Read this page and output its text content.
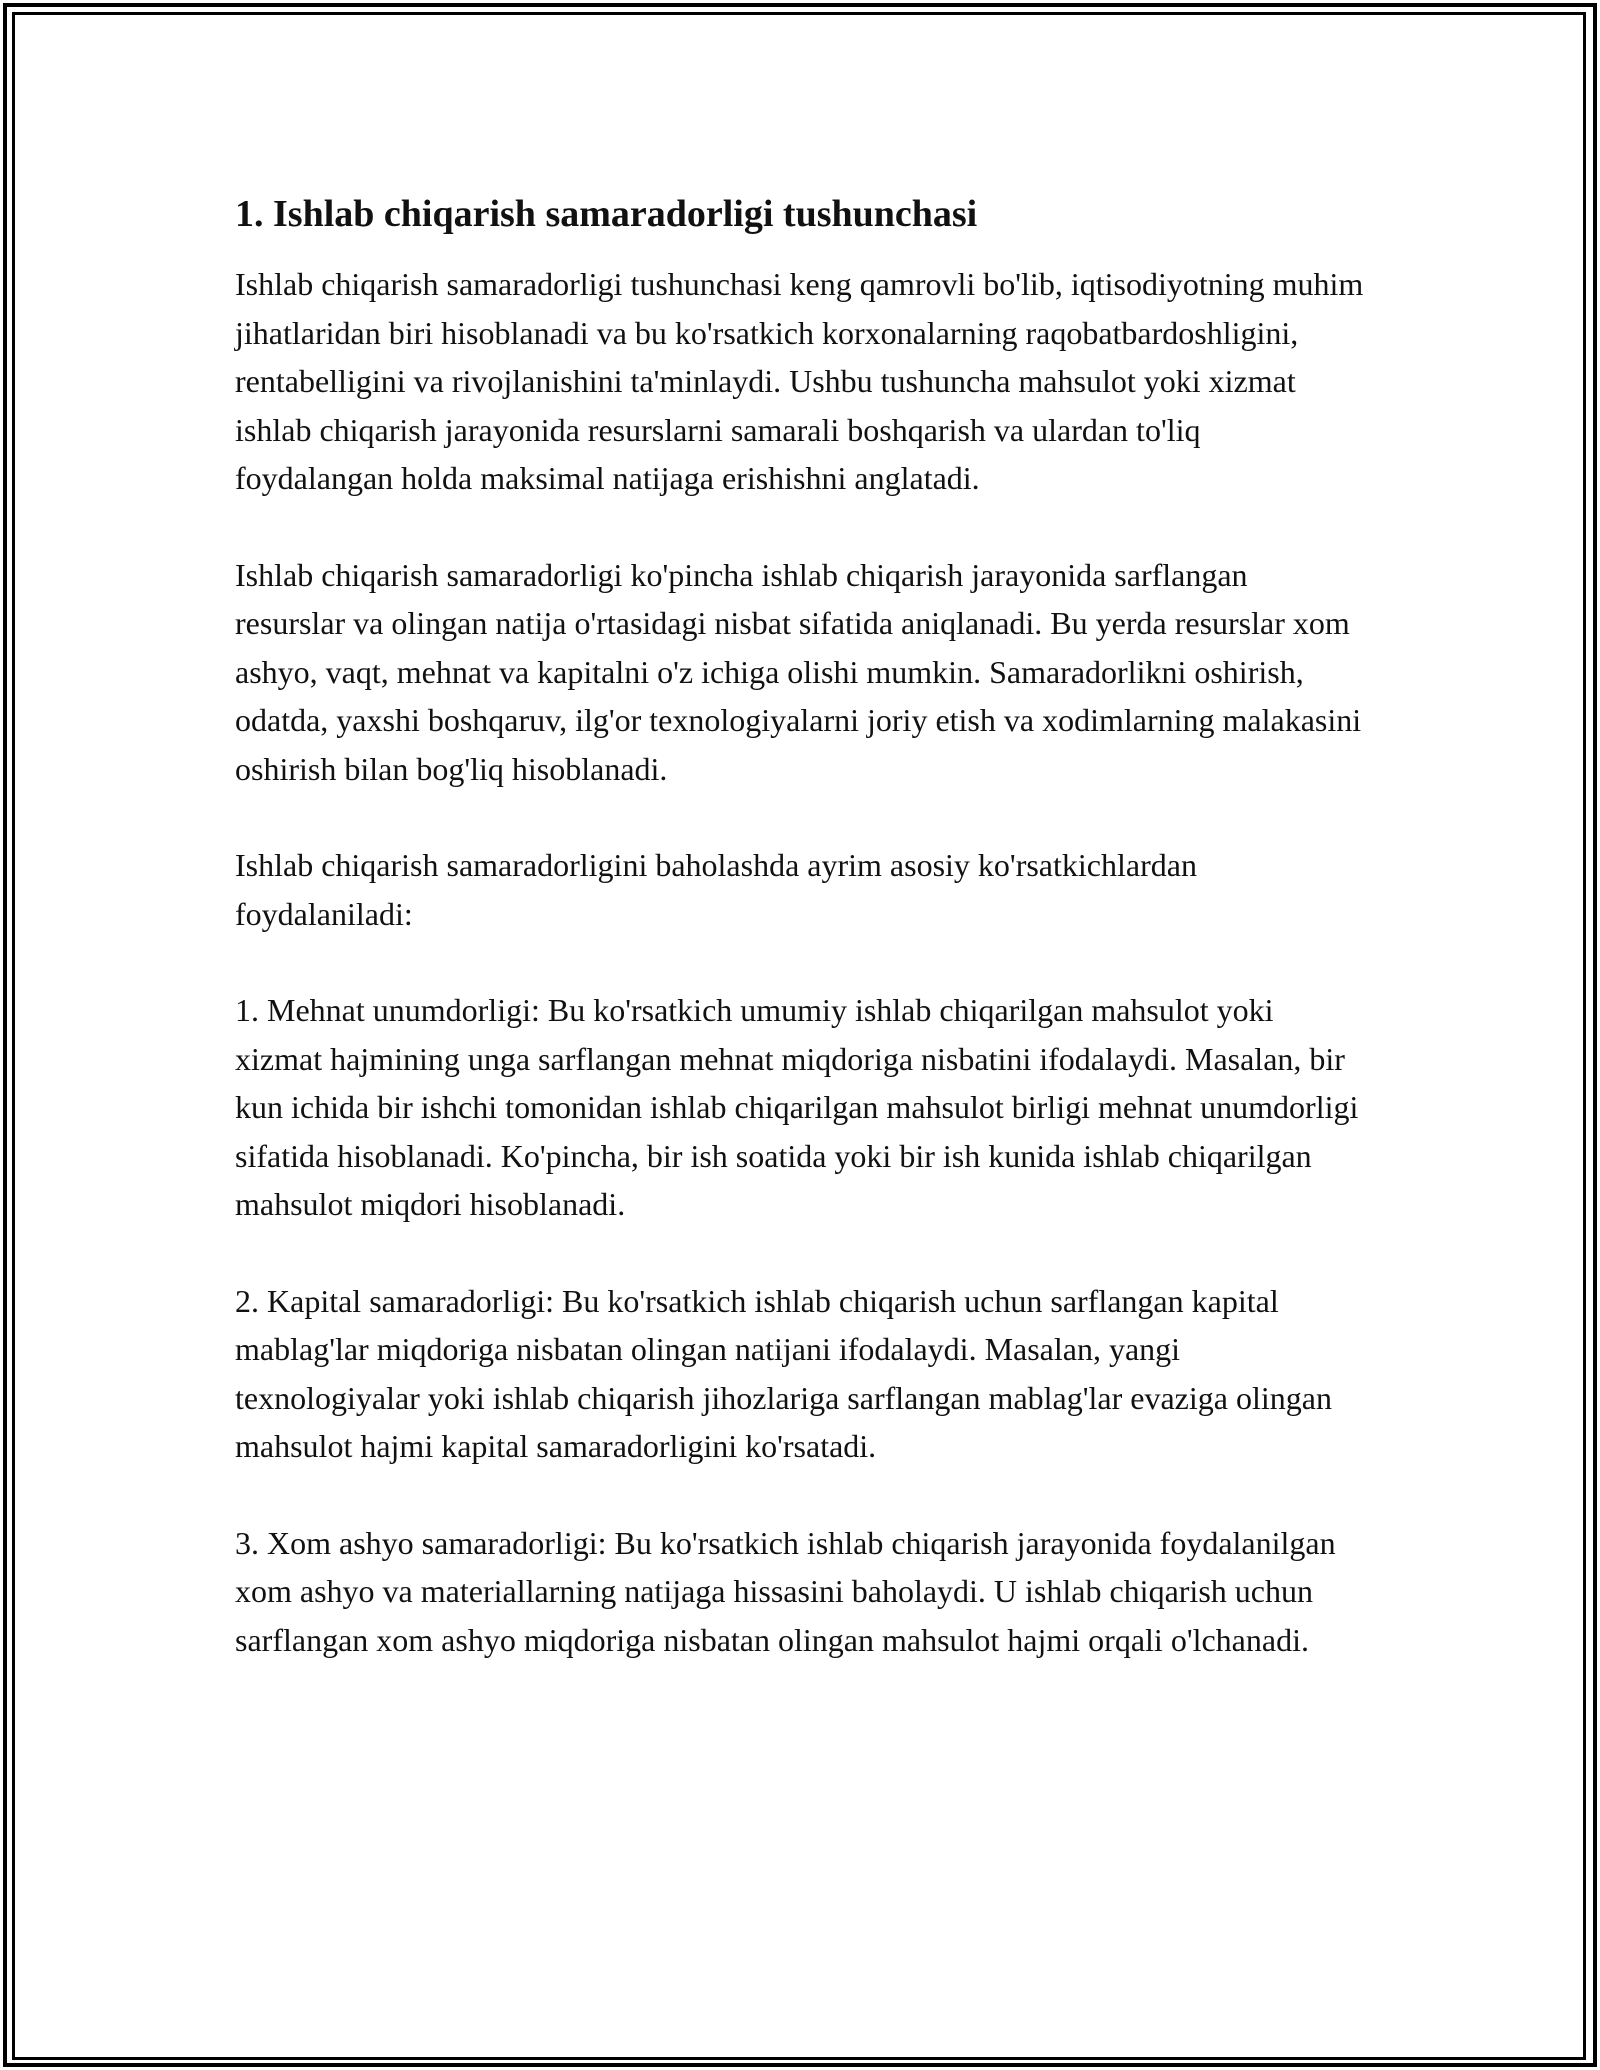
1. Ishlab chiqarish samaradorligi tushunchasi

Ishlab chiqarish samaradorligi tushunchasi keng qamrovli bo'lib, iqtisodiyotning muhim jihatlaridan biri hisoblanadi va bu ko'rsatkich korxonalarning raqobatbardoshligini, rentabelligini va rivojlanishini ta'minlaydi. Ushbu tushuncha mahsulot yoki xizmat ishlab chiqarish jarayonida resurslarni samarali boshqarish va ulardan to'liq foydalangan holda maksimal natijaga erishishni anglatadi.

Ishlab chiqarish samaradorligi ko'pincha ishlab chiqarish jarayonida sarflangan resurslar va olingan natija o'rtasidagi nisbat sifatida aniqlanadi. Bu yerda resurslar xom ashyo, vaqt, mehnat va kapitalni o'z ichiga olishi mumkin. Samaradorlikni oshirish, odatda, yaxshi boshqaruv, ilg'or texnologiyalarni joriy etish va xodimlarning malakasini oshirish bilan bog'liq hisoblanadi.

Ishlab chiqarish samaradorligini baholashda ayrim asosiy ko'rsatkichlardan foydalaniladi:

1. Mehnat unumdorligi: Bu ko'rsatkich umumiy ishlab chiqarilgan mahsulot yoki xizmat hajmining unga sarflangan mehnat miqdoriga nisbatini ifodalaydi. Masalan, bir kun ichida bir ishchi tomonidan ishlab chiqarilgan mahsulot birligi mehnat unumdorligi sifatida hisoblanadi. Ko'pincha, bir ish soatida yoki bir ish kunida ishlab chiqarilgan mahsulot miqdori hisoblanadi.

2. Kapital samaradorligi: Bu ko'rsatkich ishlab chiqarish uchun sarflangan kapital mablag'lar miqdoriga nisbatan olingan natijani ifodalaydi. Masalan, yangi texnologiyalar yoki ishlab chiqarish jihozlariga sarflangan mablag'lar evaziga olingan mahsulot hajmi kapital samaradorligini ko'rsatadi.

3. Xom ashyo samaradorligi: Bu ko'rsatkich ishlab chiqarish jarayonida foydalanilgan xom ashyo va materiallarning natijaga hissasini baholaydi. U ishlab chiqarish uchun sarflangan xom ashyo miqdoriga nisbatan olingan mahsulot hajmi orqali o'lchanadi.
